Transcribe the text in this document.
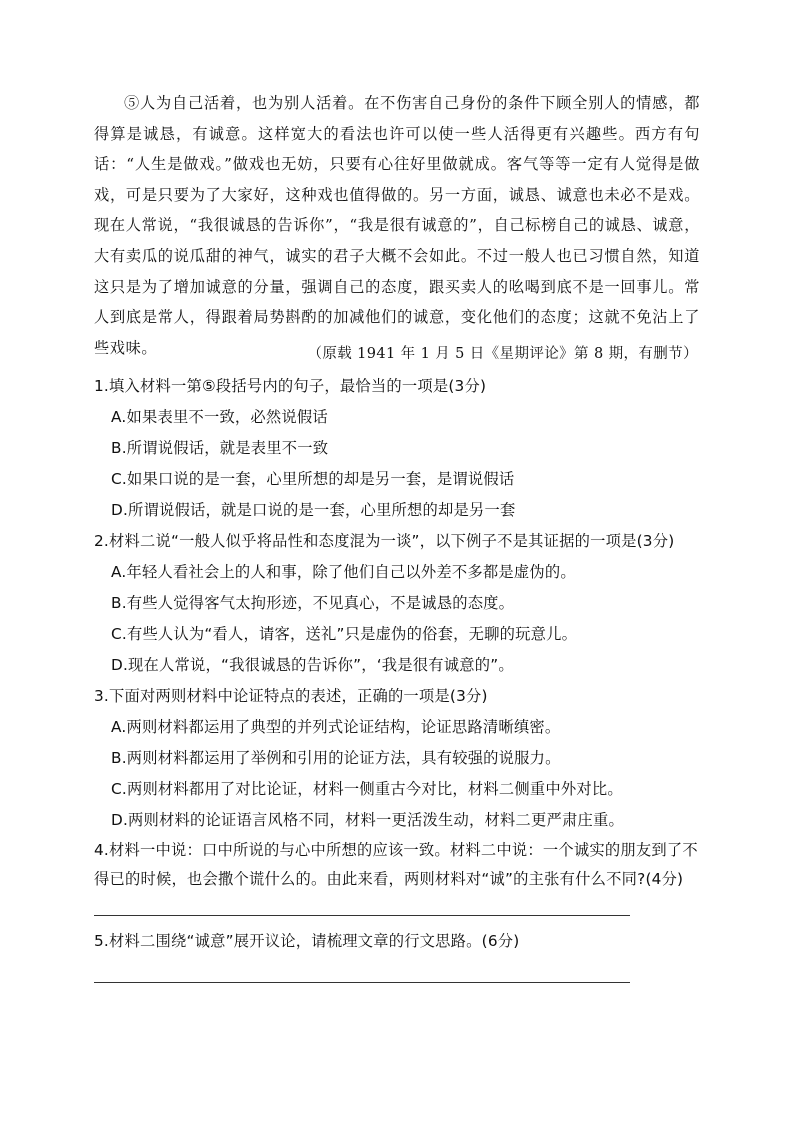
⑤人为自己活着，也为别人活着。在不伤害自己身份的条件下顾全别人的情感，都得算是诚恳，有诚意。这样宽大的看法也许可以使一些人活得更有兴趣些。西方有句话：“人生是做戏。”做戏也无妨，只要有心往好里做就成。客气等等一定有人觉得是做戏，可是只要为了大家好，这种戏也值得做的。另一方面，诚恳、诚意也未必不是戏。现在人常说，“我很诚恳的告诉你”，“我是很有诚意的”，自己标榜自己的诚恳、诚意，大有卖瓜的说瓜甜的神气，诚实的君子大概不会如此。不过一般人也已习惯自然，知道这只是为了增加诚意的分量，强调自己的态度，跟买卖人的吆喝到底不是一回事儿。常人到底是常人，得跟着局势斟酌的加减他们的诚意，变化他们的态度；这就不免沾上了些戏味。	（原载 1941 年 1 月 5 日《星期评论》第 8 期，有删节）

1.填入材料一第⑤段括号内的句子，最恰当的一项是(3分)

A.如果表里不一致，必然说假话

B.所谓说假话，就是表里不一致

C.如果口说的是一套，心里所想的却是另一套，是谓说假话

D.所谓说假话，就是口说的是一套，心里所想的却是另一套

2.材料二说“一般人似乎将品性和态度混为一谈”，以下例子不是其证据的一项是(3分)

A.年轻人看社会上的人和事，除了他们自己以外差不多都是虚伪的。

B.有些人觉得客气太拘形迹，不见真心，不是诚恳的态度。

C.有些人认为“看人，请客，送礼”只是虚伪的俗套，无聊的玩意儿。

D.现在人常说，“我很诚恳的告诉你”，‘我是很有诚意的”。

3.下面对两则材料中论证特点的表述，正确的一项是(3分)

A.两则材料都运用了典型的并列式论证结构，论证思路清晰缜密。

B.两则材料都运用了举例和引用的论证方法，具有较强的说服力。

C.两则材料都用了对比论证，材料一侧重古今对比，材料二侧重中外对比。

D.两则材料的论证语言风格不同，材料一更活泼生动，材料二更严肃庄重。

4.材料一中说：口中所说的与心中所想的应该一致。材料二中说：一个诚实的朋友到了不得已的时候，也会撒个谎什么的。由此来看，两则材料对“诚”的主张有什么不同?(4分)

5.材料二围绕“诚意”展开议论，请梳理文章的行文思路。(6分)
